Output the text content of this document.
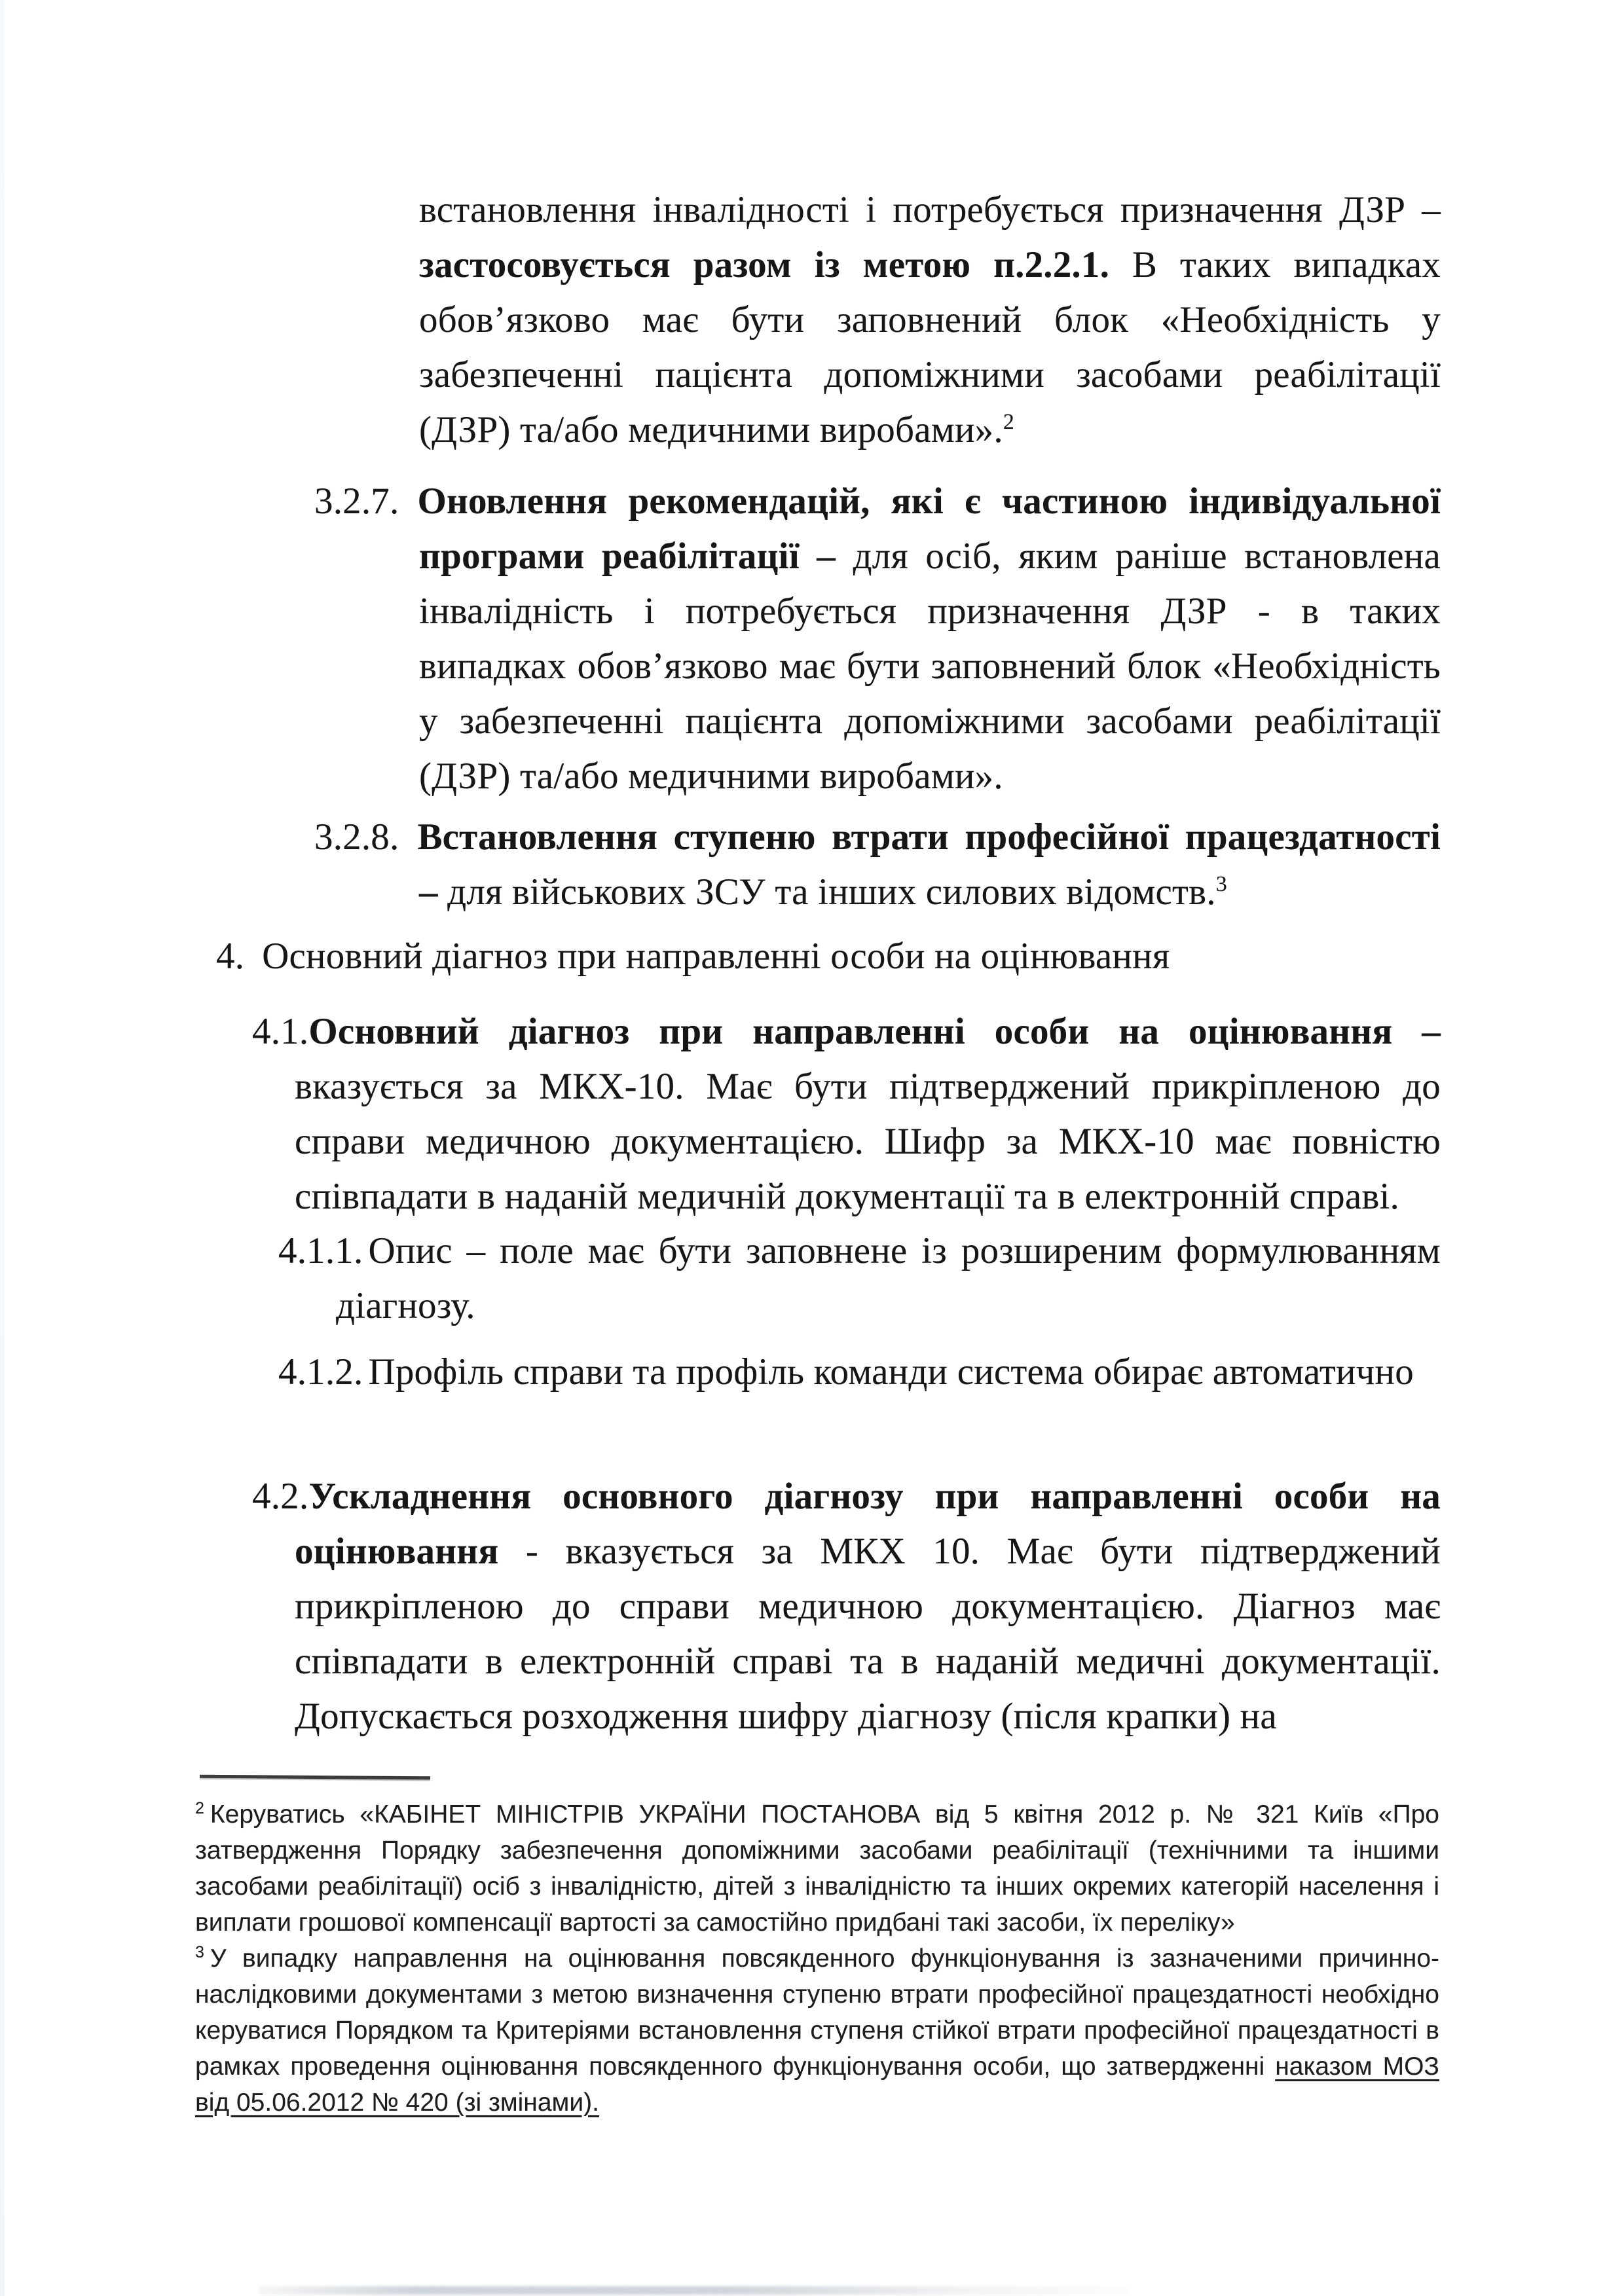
встановлення інвалідності і потребується призначення ДЗР – застосовується разом із метою п.2.2.1. В таких випадках обов’язково має бути заповнений блок «Необхідність у забезпеченні пацієнта допоміжними засобами реабілітації (ДЗР) та/або медичними виробами».$^2$
3.2.7. Оновлення рекомендацій, які є частиною індивідуальної програми реабілітації – для осіб, яким раніше встановлена інвалідність і потребується призначення ДЗР - в таких випадках обов’язково має бути заповнений блок «Необхідність у забезпеченні пацієнта допоміжними засобами реабілітації (ДЗР) та/або медичними виробами».
3.2.8. Встановлення ступеню втрати професійної працездатності – для військових ЗСУ та інших силових відомств.$^3$
4. Основний діагноз при направленні особи на оцінювання
4.1.Основний діагноз при направленні особи на оцінювання – вказується за МКХ-10. Має бути підтверджений прикріпленою до справи медичною документацією. Шифр за МКХ-10 має повністю співпадати в наданій медичній документації та в електронній справі.
4.1.1. Опис – поле має бути заповнене із розширеним формулюванням діагнозу.
4.1.2. Профіль справи та профіль команди система обирає автоматично
4.2.Ускладнення основного діагнозу при направленні особи на оцінювання - вказується за МКХ 10. Має бути підтверджений прикріпленою до справи медичною документацією. Діагноз має співпадати в електронній справі та в наданій медичні документації. Допускається розходження шифру діагнозу (після крапки) на
$^2$ Керуватись «КАБІНЕТ МІНІСТРІВ УКРАЇНИ ПОСТАНОВА від 5 квітня 2012 р. № 321 Київ «Про затвердження Порядку забезпечення допоміжними засобами реабілітації (технічними та іншими засобами реабілітації) осіб з інвалідністю, дітей з інвалідністю та інших окремих категорій населення і виплати грошової компенсації вартості за самостійно придбані такі засоби, їх переліку»
$^3$ У випадку направлення на оцінювання повсякденного функціонування із зазначеними причинно-наслідковими документами з метою визначення ступеню втрати професійної працездатності необхідно керуватися Порядком та Критеріями встановлення ступеня стійкої втрати професійної працездатності в рамках проведення оцінювання повсякденного функціонування особи, що затвердженні наказом МОЗ від 05.06.2012 № 420 (зі змінами).
